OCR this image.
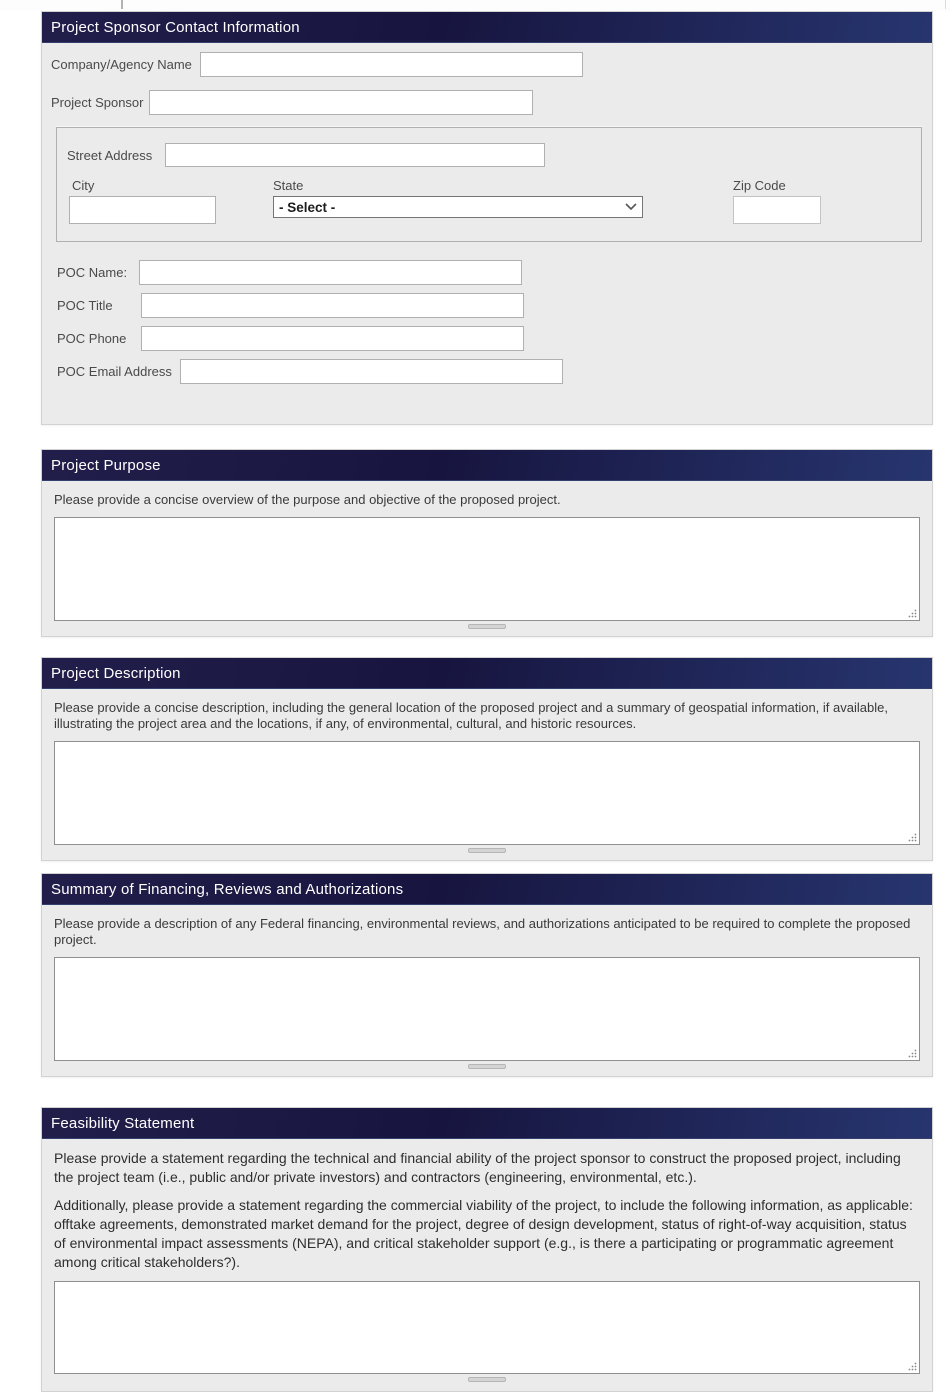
Project Sponsor Contact Information
Company/Agency Name
Project Sponsor
Street Address
City	State
- Select -	Zip Code
POC Name:
POC Title
POC Phone
POC Email Address
Project Purpose

Please provide a concise overview of the purpose and objective of the proposed project.

Project Description

Please provide a concise description, including the general location of the proposed project and a summary of geospatial information, if available, illustrating the project area and the locations, if any, of environmental, cultural, and historic resources.

Summary of Financing, Reviews and Authorizations

Please provide a description of any Federal financing, environmental reviews, and authorizations anticipated to be required to complete the proposed project.

Feasibility Statement

Please provide a statement regarding the technical and financial ability of the project sponsor to construct the proposed project, including the project team (i.e., public and/or private investors) and contractors (engineering, environmental, etc.).

Additionally, please provide a statement regarding the commercial viability of the project, to include the following information, as applicable: offtake agreements, demonstrated market demand for the project, degree of design development, status of right-of-way acquisition, status of environmental impact assessments (NEPA), and critical stakeholder support (e.g., is there a participating or programmatic agreement among critical stakeholders?).
